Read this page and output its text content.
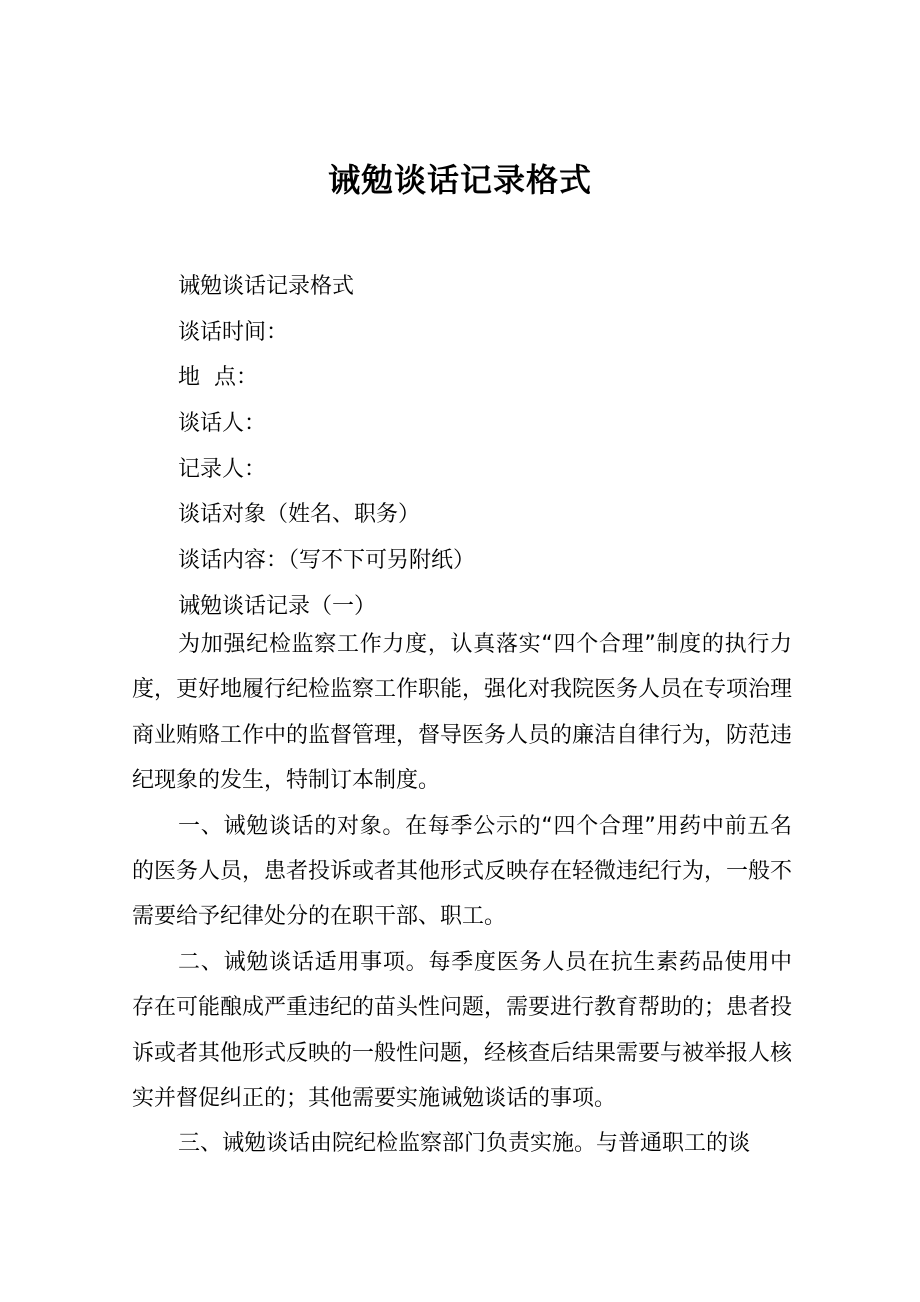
诫勉谈话记录格式
诫勉谈话记录格式
谈话时间：
地  点：
谈话人：
记录人：
谈话对象（姓名、职务）
谈话内容：（写不下可另附纸）
诫勉谈话记录（一）

为加强纪检监察工作力度，认真落实“四个合理”制度的执行力度，更好地履行纪检监察工作职能，强化对我院医务人员在专项治理商业贿赂工作中的监督管理，督导医务人员的廉洁自律行为，防范违纪现象的发生，特制订本制度。

一、诫勉谈话的对象。在每季公示的“四个合理”用药中前五名的医务人员，患者投诉或者其他形式反映存在轻微违纪行为，一般不需要给予纪律处分的在职干部、职工。

二、诫勉谈话适用事项。每季度医务人员在抗生素药品使用中存在可能酿成严重违纪的苗头性问题，需要进行教育帮助的；患者投诉或者其他形式反映的一般性问题，经核查后结果需要与被举报人核实并督促纠正的；其他需要实施诫勉谈话的事项。

三、诫勉谈话由院纪检监察部门负责实施。与普通职工的谈
